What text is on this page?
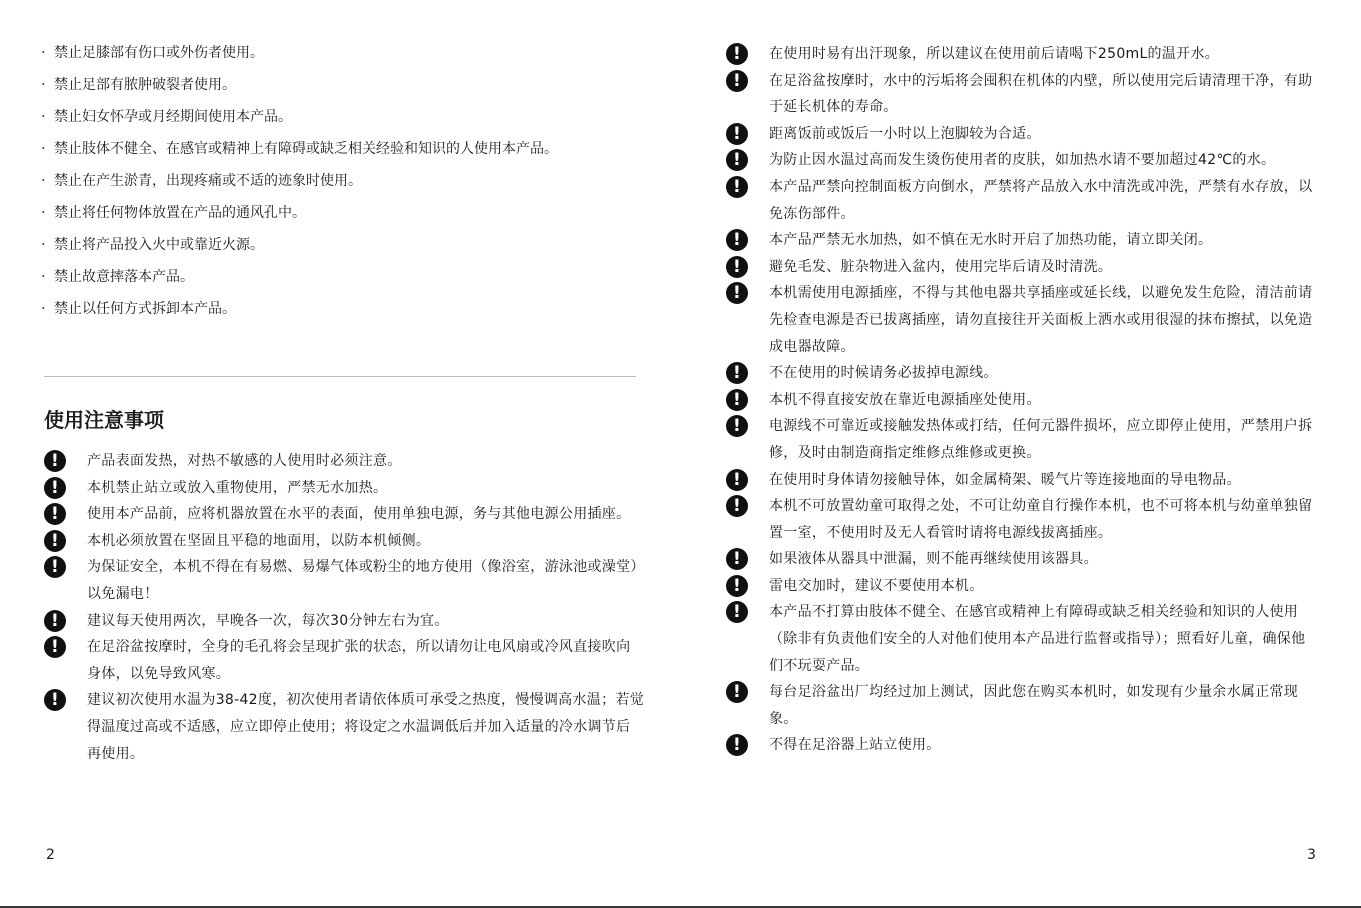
· 禁止足膝部有伤口或外伤者使用。
· 禁止足部有脓肿破裂者使用。
· 禁止妇女怀孕或月经期间使用本产品。
· 禁止肢体不健全、在感官或精神上有障碍或缺乏相关经验和知识的人使用本产品。
· 禁止在产生淤青，出现疼痛或不适的迹象时使用。
· 禁止将任何物体放置在产品的通风孔中。
· 禁止将产品投入火中或靠近火源。
· 禁止故意摔落本产品。
· 禁止以任何方式拆卸本产品。
使用注意事项
!	产品表面发热，对热不敏感的人使用时必须注意。
!	本机禁止站立或放入重物使用，严禁无水加热。
!	使用本产品前，应将机器放置在水平的表面，使用单独电源，务与其他电源公用插座。
!	本机必须放置在坚固且平稳的地面用，以防本机倾侧。
!	为保证安全，本机不得在有易燃、易爆气体或粉尘的地方使用（像浴室，游泳池或澡堂）以免漏电！
!	建议每天使用两次，早晚各一次，每次30分钟左右为宜。
!	在足浴盆按摩时，全身的毛孔将会呈现扩张的状态，所以请勿让电风扇或冷风直接吹向身体，以免导致风寒。
!	建议初次使用水温为38-42度，初次使用者请依体质可承受之热度，慢慢调高水温；若觉得温度过高或不适感，应立即停止使用；将设定之水温调低后并加入适量的冷水调节后再使用。
2
!	在使用时易有出汗现象，所以建议在使用前后请喝下250mL的温开水。
!	在足浴盆按摩时，水中的污垢将会囤积在机体的内壁，所以使用完后请清理干净，有助于延长机体的寿命。
!	距离饭前或饭后一小时以上泡脚较为合适。
!	为防止因水温过高而发生烫伤使用者的皮肤，如加热水请不要加超过42℃的水。
!	本产品严禁向控制面板方向倒水，严禁将产品放入水中清洗或冲洗，严禁有水存放，以免冻伤部件。
!	本产品严禁无水加热，如不慎在无水时开启了加热功能，请立即关闭。
!	避免毛发、脏杂物进入盆内，使用完毕后请及时清洗。
!	本机需使用电源插座，不得与其他电器共享插座或延长线，以避免发生危险，清洁前请先检查电源是否已拔离插座，请勿直接往开关面板上洒水或用很湿的抹布擦拭，以免造成电器故障。
!	不在使用的时候请务必拔掉电源线。
!	本机不得直接安放在靠近电源插座处使用。
!	电源线不可靠近或接触发热体或打结，任何元器件损坏，应立即停止使用，严禁用户拆修，及时由制造商指定维修点维修或更换。
!	在使用时身体请勿接触导体，如金属椅架、暖气片等连接地面的导电物品。
!	本机不可放置幼童可取得之处，不可让幼童自行操作本机，也不可将本机与幼童单独留置一室，不使用时及无人看管时请将电源线拔离插座。
!	如果液体从器具中泄漏，则不能再继续使用该器具。
!	雷电交加时，建议不要使用本机。
!	本产品不打算由肢体不健全、在感官或精神上有障碍或缺乏相关经验和知识的人使用（除非有负责他们安全的人对他们使用本产品进行监督或指导）；照看好儿童，确保他们不玩耍产品。
!	每台足浴盆出厂均经过加上测试，因此您在购买本机时，如发现有少量余水属正常现象。
!	不得在足浴器上站立使用。
3
